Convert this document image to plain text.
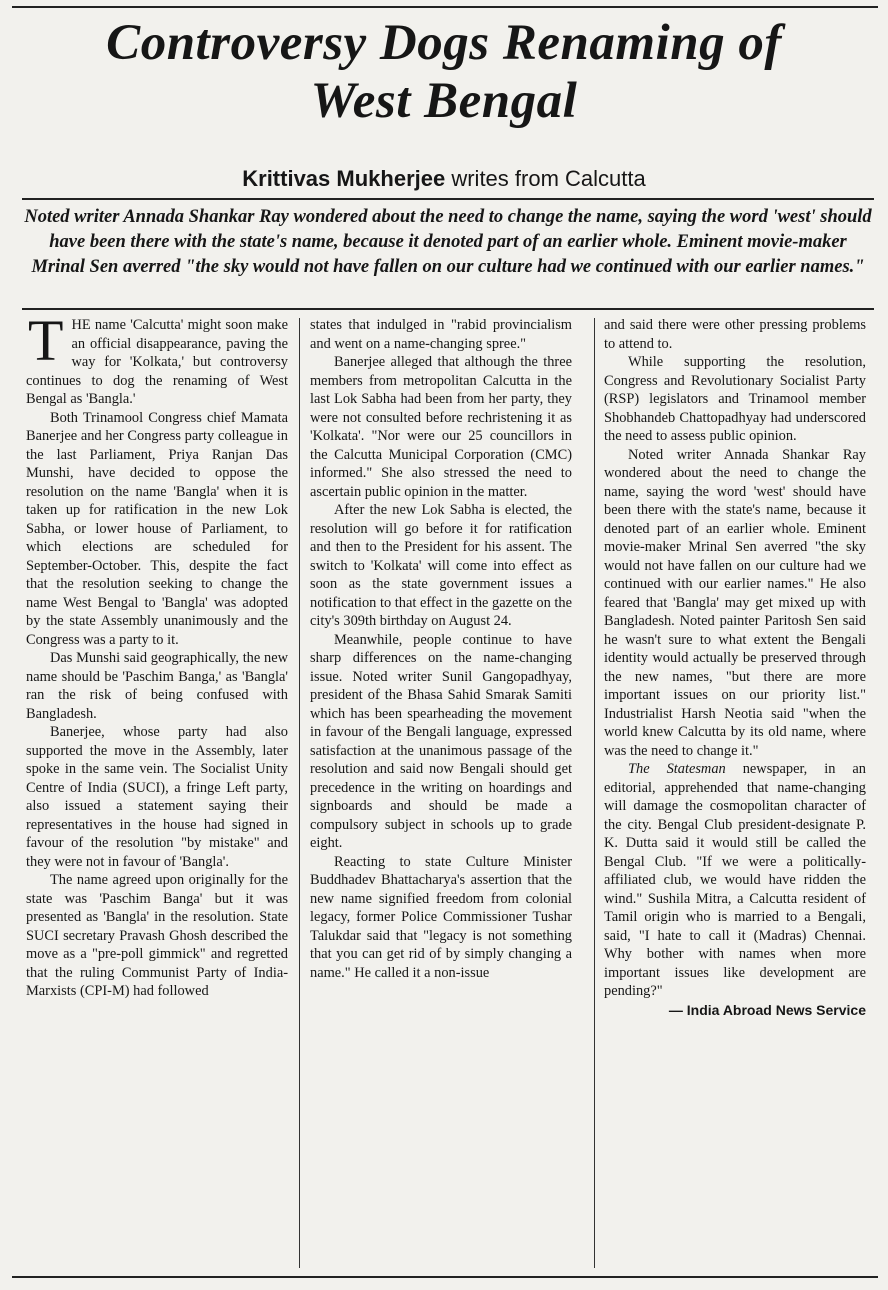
Controversy Dogs Renaming of
West Bengal
Krittivas Mukherjee writes from Calcutta
Noted writer Annada Shankar Ray wondered about the need to change the name, saying the word 'west' should have been there with the state's name, because it denoted part of an earlier whole. Eminent movie-maker Mrinal Sen averred "the sky would not have fallen on our culture had we continued with our earlier names."

THE name 'Calcutta' might soon make an official disappearance, paving the way for 'Kolkata,' but controversy continues to dog the renaming of West Bengal as 'Bangla.'

Both Trinamool Congress chief Mamata Banerjee and her Congress party colleague in the last Parliament, Priya Ranjan Das Munshi, have decided to oppose the resolution on the name 'Bangla' when it is taken up for ratification in the new Lok Sabha, or lower house of Parliament, to which elections are scheduled for September-October. This, despite the fact that the resolution seeking to change the name West Bengal to 'Bangla' was adopted by the state Assembly unanimously and the Congress was a party to it.

Das Munshi said geographically, the new name should be 'Paschim Banga,' as 'Bangla' ran the risk of being confused with Bangladesh.

Banerjee, whose party had also supported the move in the Assembly, later spoke in the same vein. The Socialist Unity Centre of India (SUCI), a fringe Left party, also issued a statement saying their representatives in the house had signed in favour of the resolution "by mistake" and they were not in favour of 'Bangla'.

The name agreed upon originally for the state was 'Paschim Banga' but it was presented as 'Bangla' in the resolution. State SUCI secretary Pravash Ghosh described the move as a "pre-poll gimmick" and regretted that the ruling Communist Party of India-Marxists (CPI-M) had followed

states that indulged in "rabid provincialism and went on a name-changing spree."

Banerjee alleged that although the three members from metropolitan Calcutta in the last Lok Sabha had been from her party, they were not consulted before rechristening it as 'Kolkata'. "Nor were our 25 councillors in the Calcutta Municipal Corporation (CMC) informed." She also stressed the need to ascertain public opinion in the matter.

After the new Lok Sabha is elected, the resolution will go before it for ratification and then to the President for his assent. The switch to 'Kolkata' will come into effect as soon as the state government issues a notification to that effect in the gazette on the city's 309th birthday on August 24.

Meanwhile, people continue to have sharp differences on the name-changing issue. Noted writer Sunil Gangopadhyay, president of the Bhasa Sahid Smarak Samiti which has been spearheading the movement in favour of the Bengali language, expressed satisfaction at the unanimous passage of the resolution and said now Bengali should get precedence in the writing on hoardings and signboards and should be made a compulsory subject in schools up to grade eight.

Reacting to state Culture Minister Buddhadev Bhattacharya's assertion that the new name signified freedom from colonial legacy, former Police Commissioner Tushar Talukdar said that "legacy is not something that you can get rid of by simply changing a name." He called it a non-issue

and said there were other pressing problems to attend to.

While supporting the resolution, Congress and Revolutionary Socialist Party (RSP) legislators and Trinamool member Shobhandeb Chattopadhyay had underscored the need to assess public opinion.

Noted writer Annada Shankar Ray wondered about the need to change the name, saying the word 'west' should have been there with the state's name, because it denoted part of an earlier whole. Eminent movie-maker Mrinal Sen averred "the sky would not have fallen on our culture had we continued with our earlier names." He also feared that 'Bangla' may get mixed up with Bangladesh. Noted painter Paritosh Sen said he wasn't sure to what extent the Bengali identity would actually be preserved through the new names, "but there are more important issues on our priority list." Industrialist Harsh Neotia said "when the world knew Calcutta by its old name, where was the need to change it."

The Statesman newspaper, in an editorial, apprehended that name-changing will damage the cosmopolitan character of the city. Bengal Club president-designate P. K. Dutta said it would still be called the Bengal Club. "If we were a politically-affiliated club, we would have ridden the wind." Sushila Mitra, a Calcutta resident of Tamil origin who is married to a Bengali, said, "I hate to call it (Madras) Chennai. Why bother with names when more important issues like development are pending?"

— India Abroad News Service
